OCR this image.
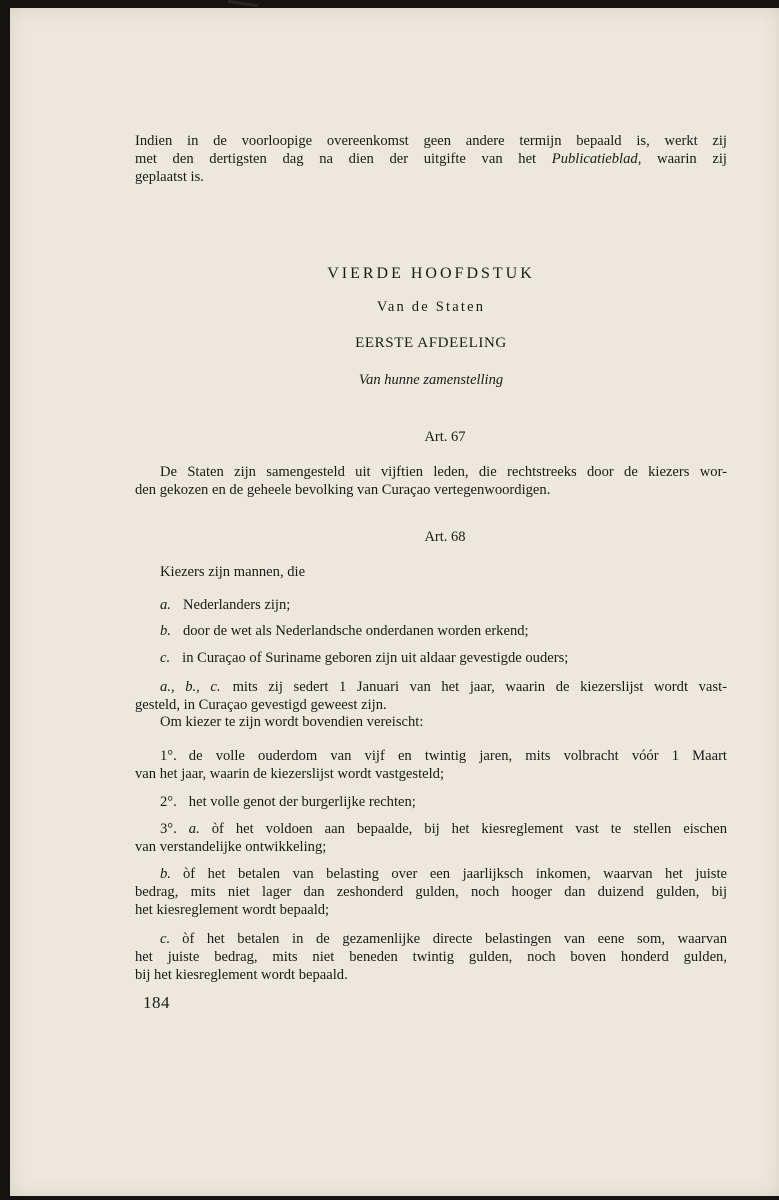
Indien in de voorloopige overeenkomst geen andere termijn bepaald is, werkt zij
met den dertigsten dag na dien der uitgifte van het Publicatieblad, waarin zij
geplaatst is.
VIERDE HOOFDSTUK
Van de Staten
EERSTE AFDEELING
Van hunne zamenstelling
Art. 67
De Staten zijn samengesteld uit vijftien leden, die rechtstreeks door de kiezers wor-
den gekozen en de geheele bevolking van Curaçao vertegenwoordigen.
Art. 68
Kiezers zijn mannen, die
a. Nederlanders zijn;
b. door de wet als Nederlandsche onderdanen worden erkend;
c. in Curaçao of Suriname geboren zijn uit aldaar gevestigde ouders;
a., b., c. mits zij sedert 1 Januari van het jaar, waarin de kiezerslijst wordt vast-
gesteld, in Curaçao gevestigd geweest zijn.
Om kiezer te zijn wordt bovendien vereischt:
1°. de volle ouderdom van vijf en twintig jaren, mits volbracht vóór 1 Maart
van het jaar, waarin de kiezerslijst wordt vastgesteld;
2°. het volle genot der burgerlijke rechten;
3°. a. òf het voldoen aan bepaalde, bij het kiesreglement vast te stellen eischen
van verstandelijke ontwikkeling;
b. òf het betalen van belasting over een jaarlijksch inkomen, waarvan het juiste
bedrag, mits niet lager dan zeshonderd gulden, noch hooger dan duizend gulden, bij
het kiesreglement wordt bepaald;
c. òf het betalen in de gezamenlijke directe belastingen van eene som, waarvan
het juiste bedrag, mits niet beneden twintig gulden, noch boven honderd gulden,
bij het kiesreglement wordt bepaald.
184
